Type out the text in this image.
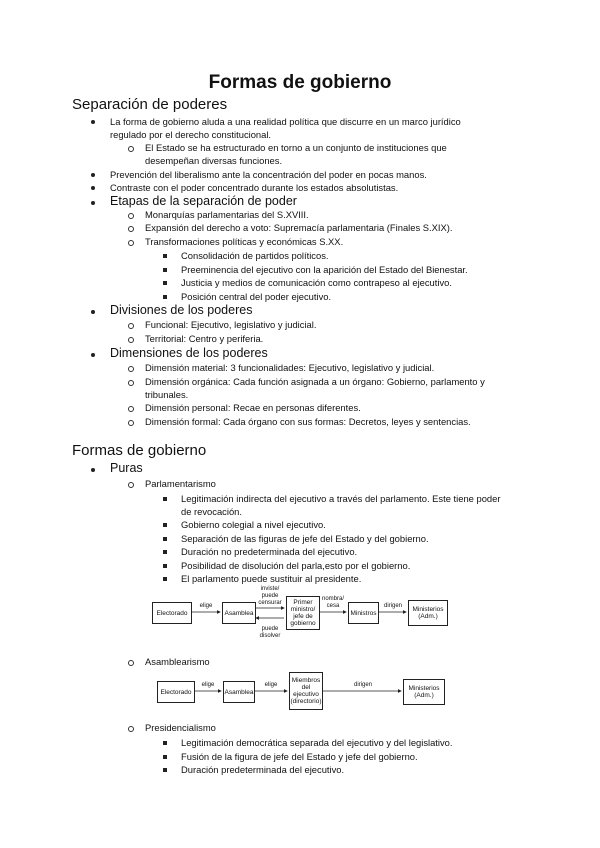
Formas de gobierno
Separación de poderes
La forma de gobierno aluda a una realidad política que discurre en un marco jurídico
regulado por el derecho constitucional.
El Estado se ha estructurado en torno a un conjunto de instituciones que
desempeñan diversas funciones.
Prevención del liberalismo ante la concentración del poder en pocas manos.
Contraste con el poder concentrado durante los estados absolutistas.
Etapas de la separación de poder
Monarquías parlamentarias del S.XVIII.
Expansión del derecho a voto: Supremacía parlamentaria (Finales S.XIX).
Transformaciones políticas y económicas S.XX.
Consolidación de partidos políticos.
Preeminencia del ejecutivo con la aparición del Estado del Bienestar.
Justicia y medios de comunicación como contrapeso al ejecutivo.
Posición central del poder ejecutivo.
Divisiones de los poderes
Funcional: Ejecutivo, legislativo y judicial.
Territorial: Centro y periferia.
Dimensiones de los poderes
Dimensión material: 3 funcionalidades: Ejecutivo, legislativo y judicial.
Dimensión orgánica: Cada función asignada a un órgano: Gobierno, parlamento y
tribunales.
Dimensión personal: Recae en personas diferentes.
Dimensión formal: Cada órgano con sus formas: Decretos, leyes y sentencias.
Formas de gobierno
Puras
Parlamentarismo
Legitimación indirecta del ejecutivo a través del parlamento. Este tiene poder
de revocación.
Gobierno colegial a nivel ejecutivo.
Separación de las figuras de jefe del Estado y del gobierno.
Duración no predeterminada del ejecutivo.
Posibilidad de disolución del parla,esto por el gobierno.
El parlamento puede sustituir al presidente.
Electorado
elige
Asamblea
inviste/
puede
censurar
puede
disolver
Primer
ministro/
jefe de
gobierno
nombra/
cesa
Ministros
dirigen	Ministerios
(Adm.)
Asamblearismo
Electorado
elige
Asamblea
elige
Miembros
del
ejecutivo
(directorio)
dirigen	Ministerios
(Adm.)
Presidencialismo
Legitimación democrática separada del ejecutivo y del legislativo.
Fusión de la figura de jefe del Estado y jefe del gobierno.
Duración predeterminada del ejecutivo.
